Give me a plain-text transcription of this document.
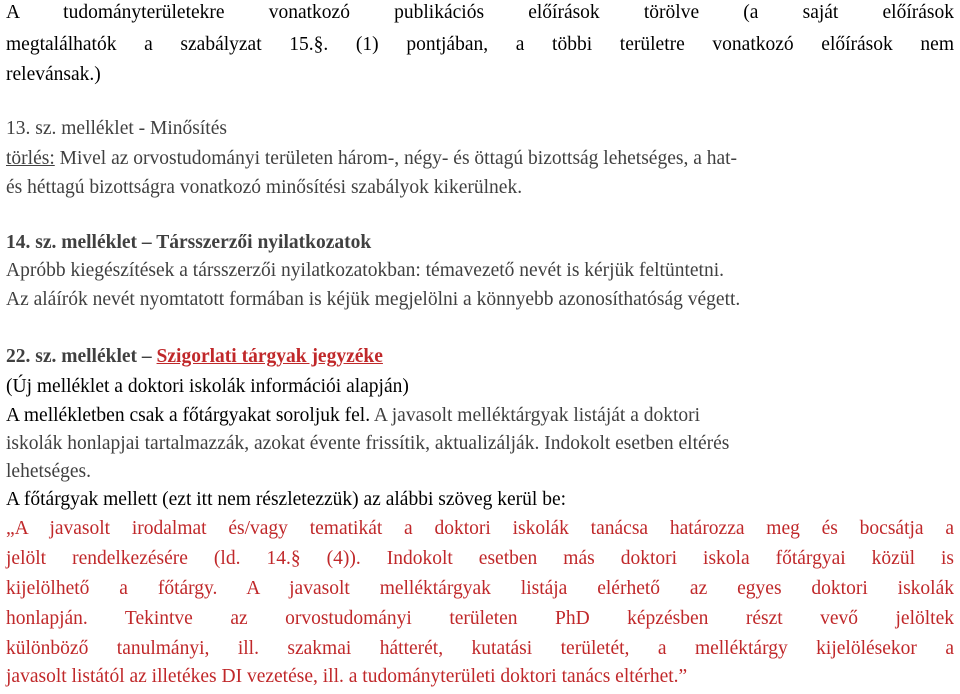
A tudományterületekre vonatkozó publikációs előírások törölve (a saját előírások
megtalálhatók a szabályzat 15.§. (1) pontjában, a többi területre vonatkozó előírások nem
relevánsak.)
13. sz. melléklet - Minősítés
törlés: Mivel az orvostudományi területen három-, négy- és öttagú bizottság lehetséges, a hat-
és héttagú bizottságra vonatkozó minősítési szabályok kikerülnek.
14. sz. melléklet – Társszerzői nyilatkozatok
Apróbb kiegészítések a társszerzői nyilatkozatokban: témavezető nevét is kérjük feltüntetni.
Az aláírók nevét nyomtatott formában is kéjük megjelölni a könnyebb azonosíthatóság végett.
22. sz. melléklet – Szigorlati tárgyak jegyzéke
(Új melléklet a doktori iskolák információi alapján)
A mellékletben csak a főtárgyakat soroljuk fel. A javasolt melléktárgyak listáját a doktori
iskolák honlapjai tartalmazzák, azokat évente frissítik, aktualizálják. Indokolt esetben eltérés
lehetséges.
A főtárgyak mellett (ezt itt nem részletezzük) az alábbi szöveg kerül be:
„A javasolt irodalmat és/vagy tematikát a doktori iskolák tanácsa határozza meg és bocsátja a
jelölt rendelkezésére (ld. 14.§ (4)). Indokolt esetben más doktori iskola főtárgyai közül is
kijelölhető a főtárgy. A javasolt melléktárgyak listája elérhető az egyes doktori iskolák
honlapján. Tekintve az orvostudományi területen PhD képzésben részt vevő jelöltek
különböző tanulmányi, ill. szakmai hátterét, kutatási területét, a melléktárgy kijelölésekor a
javasolt listától az illetékes DI vezetése, ill. a tudományterületi doktori tanács eltérhet.”
